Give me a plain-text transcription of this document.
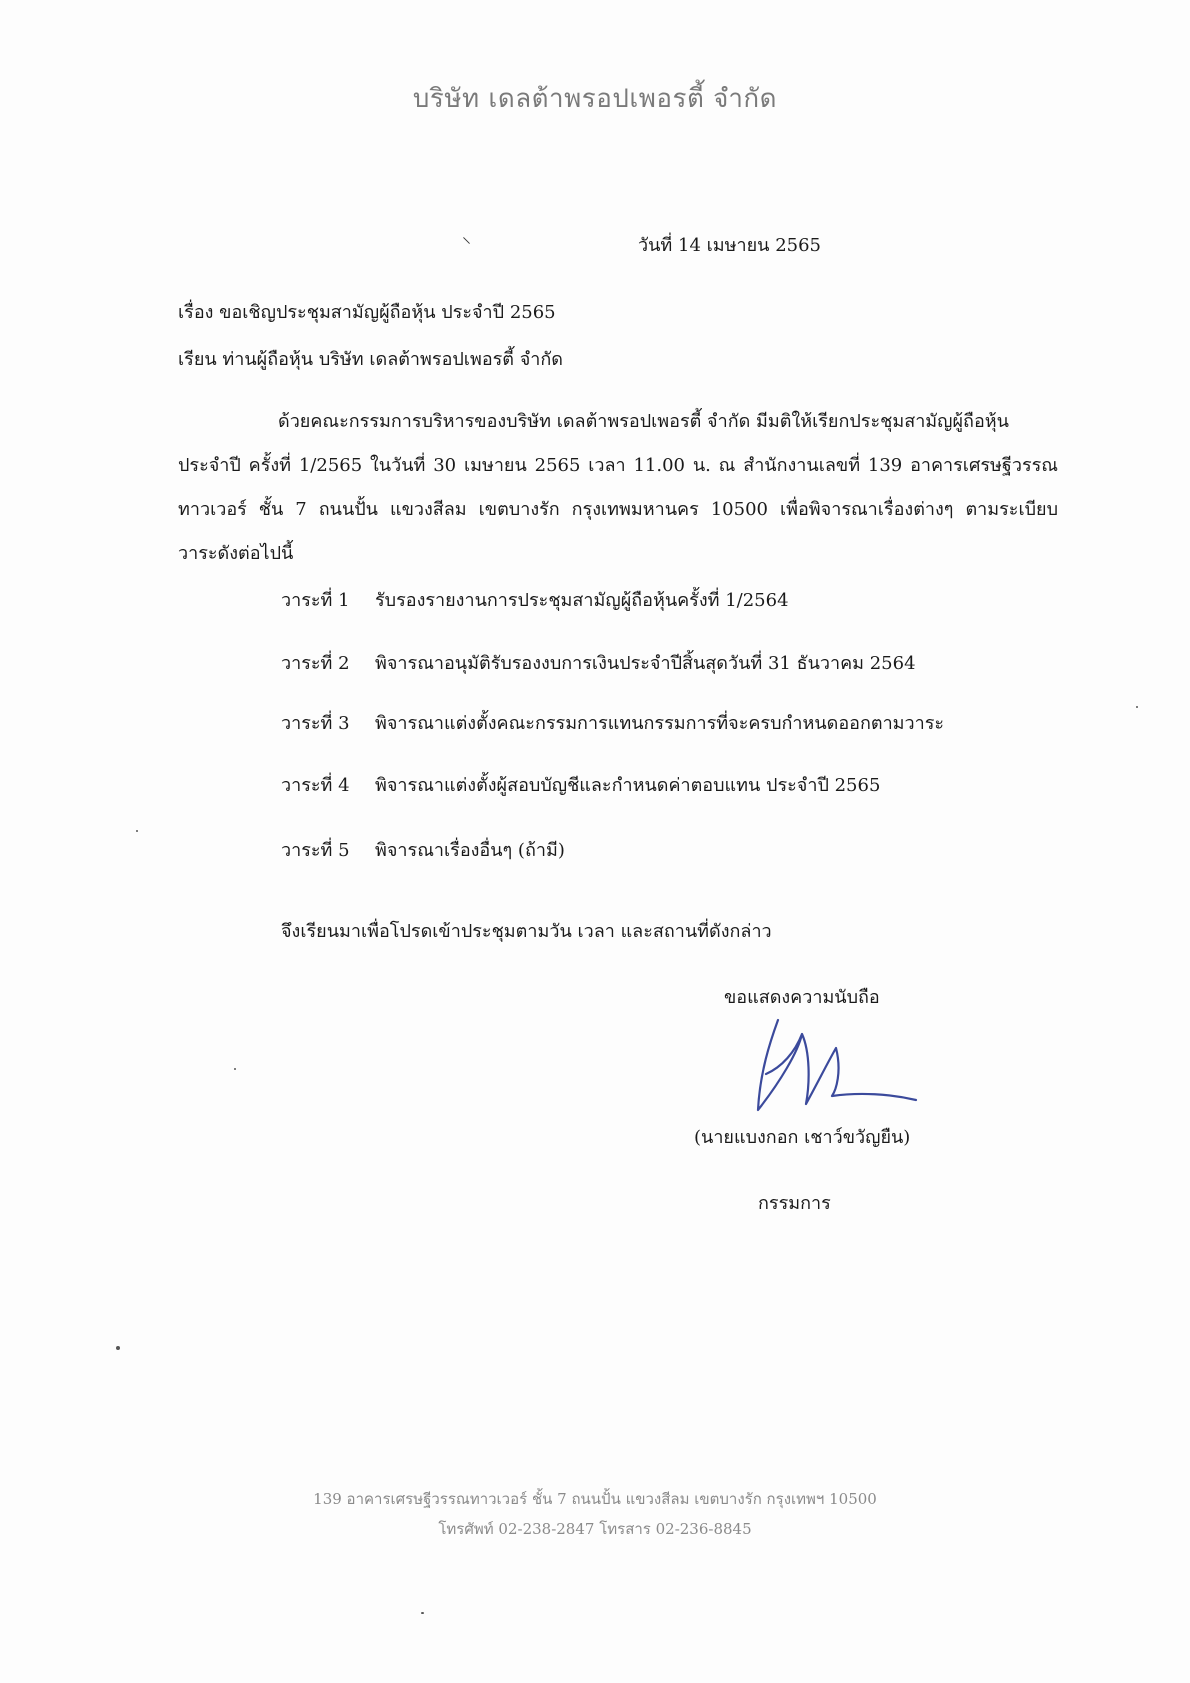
บริษัท เดลต้าพรอปเพอรตี้ จำกัด
⸌	วันที่ 14 เมษายน 2565
เรื่อง ขอเชิญประชุมสามัญผู้ถือหุ้น ประจำปี 2565
เรียน ท่านผู้ถือหุ้น บริษัท เดลต้าพรอปเพอรตี้ จำกัด
ด้วยคณะกรรมการบริหารของบริษัท เดลต้าพรอปเพอรตี้ จำกัด มีมติให้เรียกประชุมสามัญผู้ถือหุ้น
ประจำปี ครั้งที่ 1/2565 ในวันที่ 30 เมษายน 2565 เวลา 11.00 น. ณ สำนักงานเลขที่ 139 อาคารเศรษฐีวรรณ
ทาวเวอร์ ชั้น 7 ถนนปั้น แขวงสีลม เขตบางรัก กรุงเทพมหานคร 10500 เพื่อพิจารณาเรื่องต่างๆ ตามระเบียบ
วาระดังต่อไปนี้
วาระที่ 1 รับรองรายงานการประชุมสามัญผู้ถือหุ้นครั้งที่ 1/2564
วาระที่ 2 พิจารณาอนุมัติรับรองงบการเงินประจำปีสิ้นสุดวันที่ 31 ธันวาคม 2564
วาระที่ 3 พิจารณาแต่งตั้งคณะกรรมการแทนกรรมการที่จะครบกำหนดออกตามวาระ
วาระที่ 4 พิจารณาแต่งตั้งผู้สอบบัญชีและกำหนดค่าตอบแทน ประจำปี 2565
วาระที่ 5 พิจารณาเรื่องอื่นๆ (ถ้ามี)
จึงเรียนมาเพื่อโปรดเข้าประชุมตามวัน เวลา และสถานที่ดังกล่าว
ขอแสดงความนับถือ
(นายแบงกอก เชาว์ขวัญยืน)
กรรมการ
139 อาคารเศรษฐีวรรณทาวเวอร์ ชั้น 7 ถนนปั้น แขวงสีลม เขตบางรัก กรุงเทพฯ 10500
โทรศัพท์ 02-238-2847 โทรสาร 02-236-8845
